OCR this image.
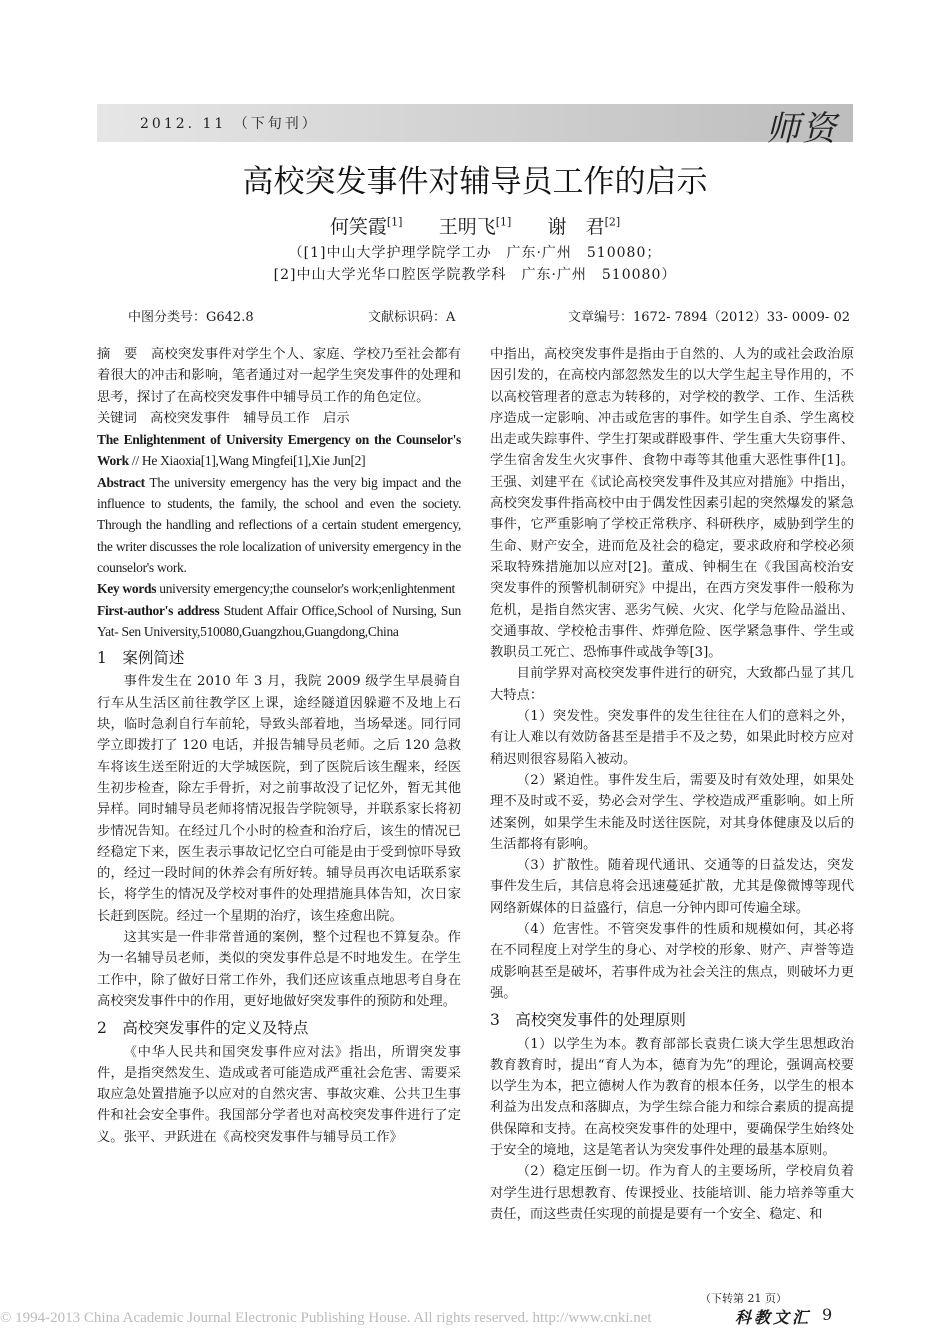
2012. 11 （下旬刊）	师资
高校突发事件对辅导员工作的启示
何笑霞[1] 王明飞[1] 谢　君[2]
（[1]中山大学护理学院学工办　广东·广州　510080；
[2]中山大学光华口腔医学院教学科　广东·广州　510080）
中图分类号：G642.8	文献标识码：A	文章编号：1672- 7894（2012）33- 0009- 02

摘　要　高校突发事件对学生个人、家庭、学校乃至社会都有着很大的冲击和影响，笔者通过对一起学生突发事件的处理和思考，探讨了在高校突发事件中辅导员工作的角色定位。

关键词　高校突发事件　辅导员工作　启示

The Enlightenment of University Emergency on the Counselor's Work // He Xiaoxia[1],Wang Mingfei[1],Xie Jun[2]

Abstract The university emergency has the very big impact and the influence to students, the family, the school and even the society. Through the handling and reflections of a certain student emergency, the writer discusses the role localization of university emergency in the counselor's work.

Key words university emergency;the counselor's work;enlightenment

First-author's address Student Affair Office,School of Nursing, Sun Yat- Sen University,510080,Guangzhou,Guangdong,China

1　案例简述

事件发生在 2010 年 3 月，我院 2009 级学生早晨骑自行车从生活区前往教学区上课，途经隧道因躲避不及地上石块，临时急刹自行车前轮，导致头部着地，当场晕迷。同行同学立即拨打了 120 电话，并报告辅导员老师。之后 120 急救车将该生送至附近的大学城医院，到了医院后该生醒来，经医生初步检查，除左手骨折，对之前事故没了记忆外，暂无其他异样。同时辅导员老师将情况报告学院领导，并联系家长将初步情况告知。在经过几个小时的检查和治疗后，该生的情况已经稳定下来，医生表示事故记忆空白可能是由于受到惊吓导致的，经过一段时间的休养会有所好转。辅导员再次电话联系家长，将学生的情况及学校对事件的处理措施具体告知，次日家长赶到医院。经过一个星期的治疗，该生痊愈出院。

这其实是一件非常普通的案例，整个过程也不算复杂。作为一名辅导员老师，类似的突发事件总是不时地发生。在学生工作中，除了做好日常工作外，我们还应该重点地思考自身在高校突发事件中的作用，更好地做好突发事件的预防和处理。

2　高校突发事件的定义及特点

《中华人民共和国突发事件应对法》指出，所谓突发事件，是指突然发生、造成或者可能造成严重社会危害、需要采取应急处置措施予以应对的自然灾害、事故灾难、公共卫生事件和社会安全事件。我国部分学者也对高校突发事件进行了定义。张平、尹跃进在《高校突发事件与辅导员工作》

中指出，高校突发事件是指由于自然的、人为的或社会政治原因引发的，在高校内部忽然发生的以大学生起主导作用的，不以高校管理者的意志为转移的，对学校的教学、工作、生活秩序造成一定影响、冲击或危害的事件。如学生自杀、学生离校出走或失踪事件、学生打架或群殴事件、学生重大失窃事件、学生宿舍发生火灾事件、食物中毒等其他重大恶性事件[1]。王强、刘建平在《试论高校突发事件及其应对措施》中指出，高校突发事件指高校中由于偶发性因素引起的突然爆发的紧急事件，它严重影响了学校正常秩序、科研秩序，威胁到学生的生命、财产安全，进而危及社会的稳定，要求政府和学校必须采取特殊措施加以应对[2]。董成、钟桐生在《我国高校治安突发事件的预警机制研究》中提出，在西方突发事件一般称为危机，是指自然灾害、恶劣气候、火灾、化学与危险品溢出、交通事故、学校枪击事件、炸弹危险、医学紧急事件、学生或教职员工死亡、恐怖事件或战争等[3]。

目前学界对高校突发事件进行的研究，大致都凸显了其几大特点：

（1）突发性。突发事件的发生往往在人们的意料之外，有让人难以有效防备甚至是措手不及之势，如果此时校方应对稍迟则很容易陷入被动。

（2）紧迫性。事件发生后，需要及时有效处理，如果处理不及时或不妥，势必会对学生、学校造成严重影响。如上所述案例，如果学生未能及时送往医院，对其身体健康及以后的生活都将有影响。

（3）扩散性。随着现代通讯、交通等的日益发达，突发事件发生后，其信息将会迅速蔓延扩散，尤其是像微博等现代网络新媒体的日益盛行，信息一分钟内即可传遍全球。

（4）危害性。不管突发事件的性质和规模如何，其必将在不同程度上对学生的身心、对学校的形象、财产、声誉等造成影响甚至是破坏，若事件成为社会关注的焦点，则破坏力更强。

3　高校突发事件的处理原则

（1）以学生为本。教育部部长袁贵仁谈大学生思想政治教育教育时，提出“育人为本，德育为先”的理论，强调高校要以学生为本，把立德树人作为教育的根本任务，以学生的根本利益为出发点和落脚点，为学生综合能力和综合素质的提高提供保障和支持。在高校突发事件的处理中，要确保学生始终处于安全的境地，这是笔者认为突发事件处理的最基本原则。

（2）稳定压倒一切。作为育人的主要场所，学校肩负着对学生进行思想教育、传课授业、技能培训、能力培养等重大责任，而这些责任实现的前提是要有一个安全、稳定、和

（下转第 21 页）
科教文汇 9
© 1994-2013 China Academic Journal Electronic Publishing House. All rights reserved. http://www.cnki.net
